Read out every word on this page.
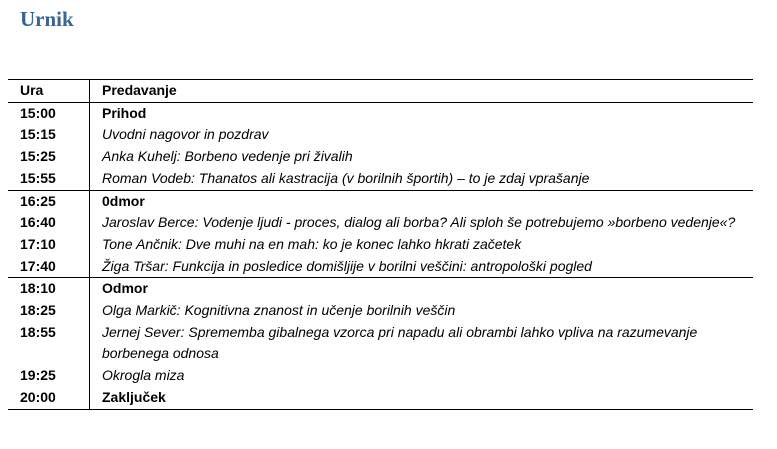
Urnik
Ura	Predavanje
15:00	Prihod
15:15	Uvodni nagovor in pozdrav
15:25	Anka Kuhelj: Borbeno vedenje pri živalih
15:55	Roman Vodeb: Thanatos ali kastracija (v borilnih športih) – to je zdaj vprašanje
16:25	0dmor
16:40	Jaroslav Berce: Vodenje ljudi - proces, dialog ali borba? Ali sploh še potrebujemo »borbeno vedenje«?
17:10	Tone Ančnik: Dve muhi na en mah: ko je konec lahko hkrati začetek
17:40	Žiga Tršar: Funkcija in posledice domišljije v borilni veščini: antropološki pogled
18:10	Odmor
18:25	Olga Markič: Kognitivna znanost in učenje borilnih veščin
18:55	Jernej Sever: Sprememba gibalnega vzorca pri napadu ali obrambi lahko vpliva na razumevanje borbenega odnosa
19:25	Okrogla miza
20:00	Zaključek
